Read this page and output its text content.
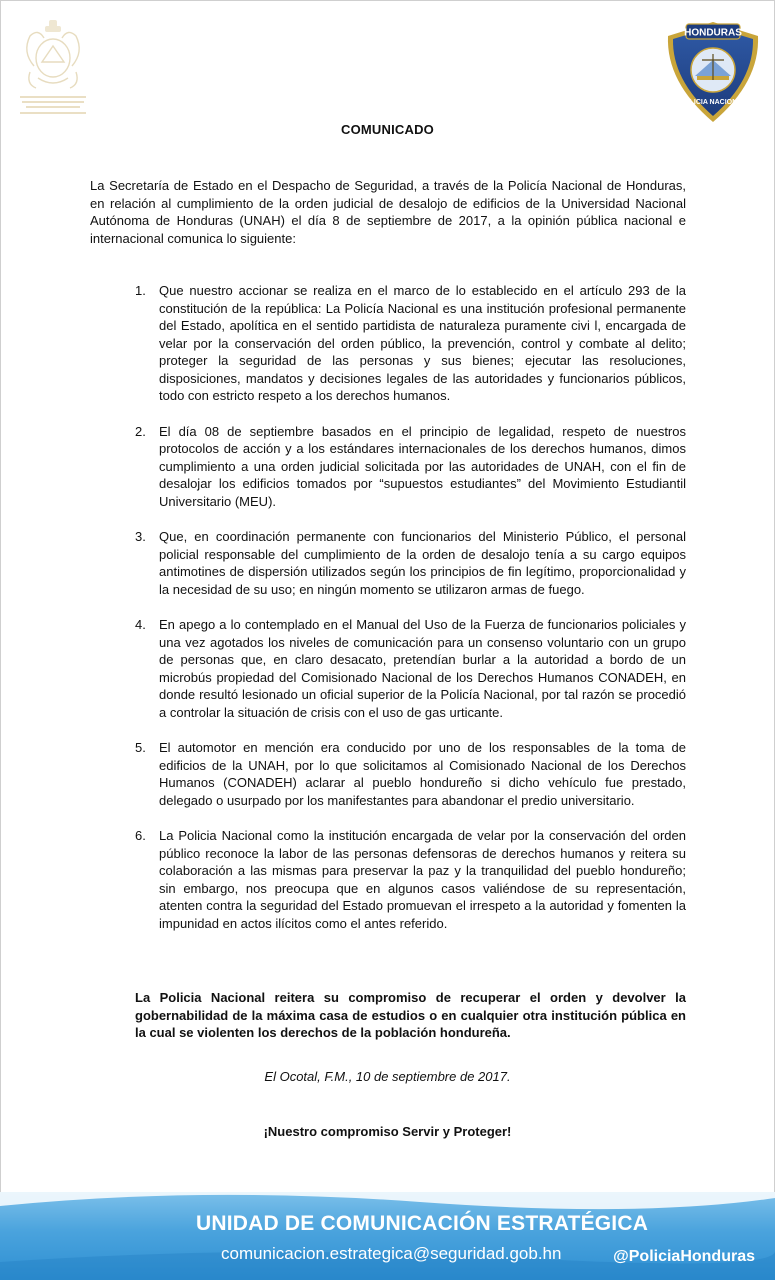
HONDURAS
POLICIA NACIONAL
COMUNICADO
La Secretaría de Estado en el Despacho de Seguridad, a través de la Policía Nacional de Honduras, en relación al cumplimiento de la orden judicial de desalojo de edificios de la Universidad Nacional Autónoma de Honduras (UNAH) el día 8 de septiembre de 2017, a la opinión pública nacional e internacional comunica lo siguiente:
1. Que nuestro accionar se realiza en el marco de lo establecido en el artículo 293 de la constitución de la república: La Policía Nacional es una institución profesional permanente del Estado, apolítica en el sentido partidista de naturaleza puramente civi l, encargada de velar por la conservación del orden público, la prevención, control y combate al delito; proteger la seguridad de las personas y sus bienes; ejecutar las resoluciones, disposiciones, mandatos y decisiones legales de las autoridades y funcionarios públicos, todo con estricto respeto a los derechos humanos.
2. El día 08 de septiembre basados en el principio de legalidad, respeto de nuestros protocolos de acción y a los estándares internacionales de los derechos humanos, dimos cumplimiento a una orden judicial solicitada por las autoridades de UNAH, con el fin de desalojar los edificios tomados por “supuestos estudiantes” del Movimiento Estudiantil Universitario (MEU).
3. Que, en coordinación permanente con funcionarios del Ministerio Público, el personal policial responsable del cumplimiento de la orden de desalojo tenía a su cargo equipos antimotines de dispersión utilizados según los principios de fin legítimo, proporcionalidad y la necesidad de su uso; en ningún momento se utilizaron armas de fuego.
4. En apego a lo contemplado en el Manual del Uso de la Fuerza de funcionarios policiales y una vez agotados los niveles de comunicación para un consenso voluntario con un grupo de personas que, en claro desacato, pretendían burlar a la autoridad a bordo de un microbús propiedad del Comisionado Nacional de los Derechos Humanos CONADEH, en donde resultó lesionado un oficial superior de la Policía Nacional, por tal razón se procedió a controlar la situación de crisis con el uso de gas urticante.
5. El automotor en mención era conducido por uno de los responsables de la toma de edificios de la UNAH, por lo que solicitamos al Comisionado Nacional de los Derechos Humanos (CONADEH) aclarar al pueblo hondureño si dicho vehículo fue prestado, delegado o usurpado por los manifestantes para abandonar el predio universitario.
6. La Policia Nacional como la institución encargada de velar por la conservación del orden público reconoce la labor de las personas defensoras de derechos humanos y reitera su colaboración a las mismas para preservar la paz y la tranquilidad del pueblo hondureño; sin embargo, nos preocupa que en algunos casos valiéndose de su representación, atenten contra la seguridad del Estado promuevan el irrespeto a la autoridad y fomenten la impunidad en actos ilícitos como el antes referido.
La Policia Nacional reitera su compromiso de recuperar el orden y devolver la gobernabilidad de la máxima casa de estudios o en cualquier otra institución pública en la cual se violenten los derechos de la población hondureña.
El Ocotal, F.M., 10 de septiembre de 2017.
¡Nuestro compromiso Servir y Proteger!
UNIDAD DE COMUNICACIÓN ESTRATÉGICA
comunicacion.estrategica@seguridad.gob.hn	@PoliciaHonduras
